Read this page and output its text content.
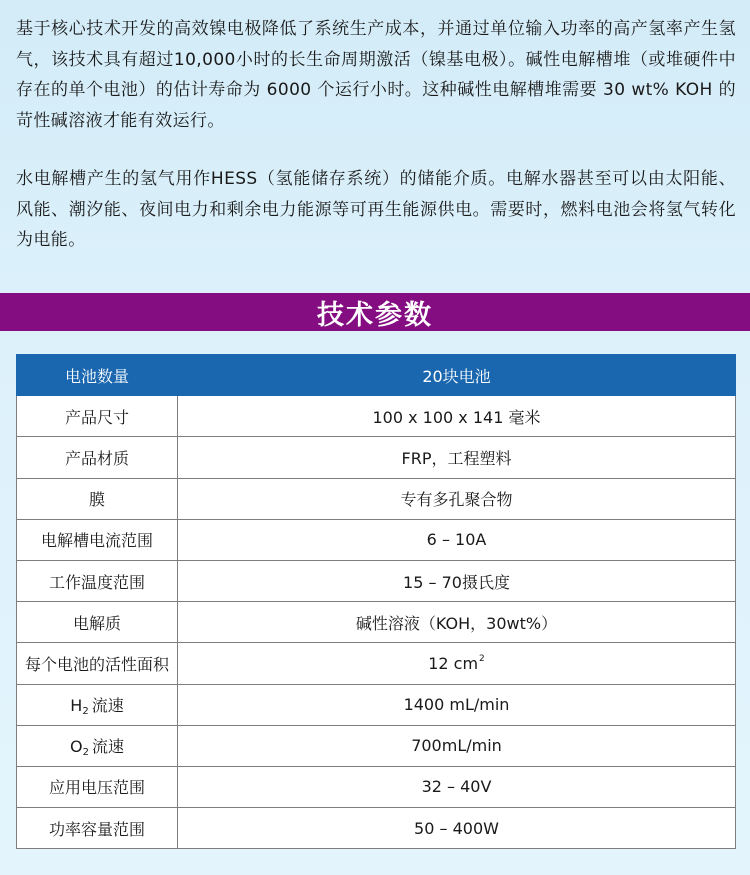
基于核心技术开发的高效镍电极降低了系统生产成本，并通过单位输入功率的高产氢率产生氢气，该技术具有超过10,000小时的长生命周期激活（镍基电极）。碱性电解槽堆（或堆硬件中存在的单个电池）的估计寿命为 6000 个运行小时。这种碱性电解槽堆需要 30 wt% KOH 的苛性碱溶液才能有效运行。

水电解槽产生的氢气用作HESS（氢能储存系统）的储能介质。电解水器甚至可以由太阳能、风能、潮汐能、夜间电力和剩余电力能源等可再生能源供电。需要时，燃料电池会将氢气转化为电能。

技术参数
电池数量	20块电池
产品尺寸	100 x 100 x 141 毫米
产品材质	FRP，工程塑料
膜	专有多孔聚合物
电解槽电流范围	6 – 10A
工作温度范围	15 – 70摄氏度
电解质	碱性溶液（KOH，30wt%）
每个电池的活性面积	12 $cm^2$
H2 流速	1400 mL/min
O2 流速	700mL/min
应用电压范围	32 – 40V
功率容量范围	50 – 400W
